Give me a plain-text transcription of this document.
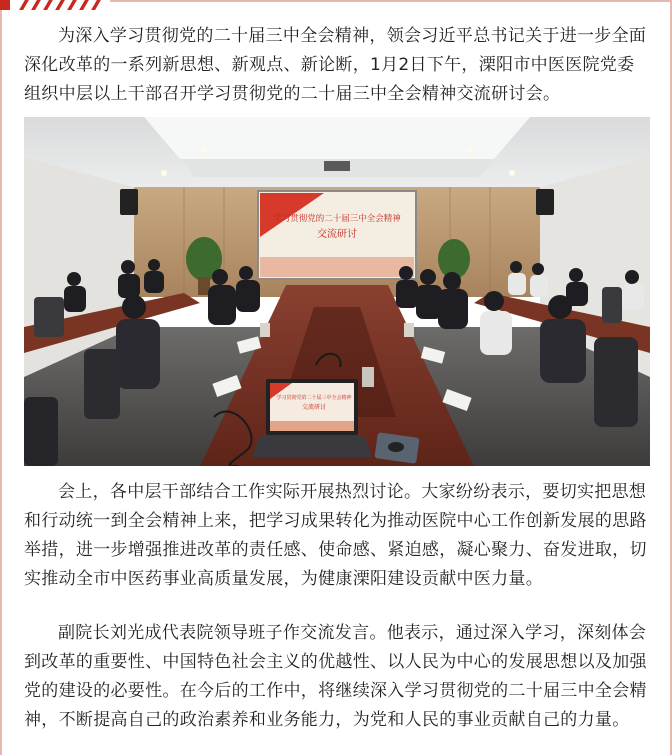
为深入学习贯彻党的二十届三中全会精神，领会习近平总书记关于进一步全面深化改革的一系列新思想、新观点、新论断，1月2日下午，溧阳市中医医院党委组织中层以上干部召开学习贯彻党的二十届三中全会精神交流研讨会。

学习贯彻党的二十届三中全会精神
交流研讨
学习贯彻党的二十届三中全会精神
交流研讨

会上，各中层干部结合工作实际开展热烈讨论。大家纷纷表示，要切实把思想和行动统一到全会精神上来，把学习成果转化为推动医院中心工作创新发展的思路举措，进一步增强推进改革的责任感、使命感、紧迫感，凝心聚力、奋发进取，切实推动全市中医药事业高质量发展，为健康溧阳建设贡献中医力量。

副院长刘光成代表院领导班子作交流发言。他表示，通过深入学习，深刻体会到改革的重要性、中国特色社会主义的优越性、以人民为中心的发展思想以及加强党的建设的必要性。在今后的工作中，将继续深入学习贯彻党的二十届三中全会精神，不断提高自己的政治素养和业务能力，为党和人民的事业贡献自己的力量。
